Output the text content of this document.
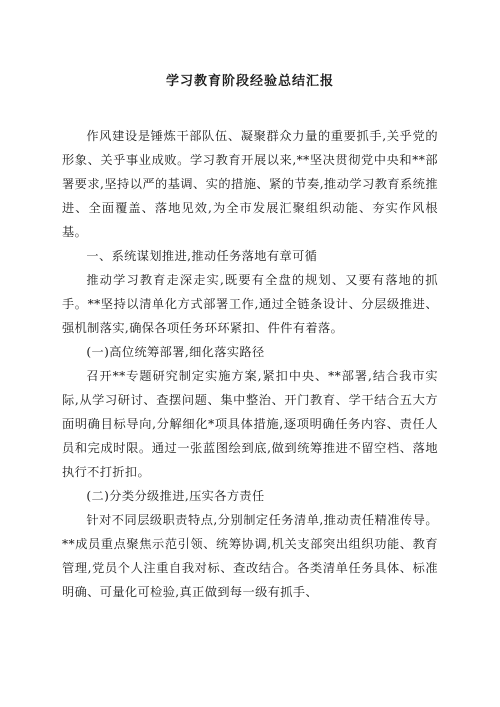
学习教育阶段经验总结汇报

作风建设是锤炼干部队伍、凝聚群众力量的重要抓手,关乎党的形象、关乎事业成败。学习教育开展以来,**坚决贯彻党中央和**部署要求,坚持以严的基调、实的措施、紧的节奏,推动学习教育系统推进、全面覆盖、落地见效,为全市发展汇聚组织动能、夯实作风根基。

一、系统谋划推进,推动任务落地有章可循

推动学习教育走深走实,既要有全盘的规划、又要有落地的抓手。**坚持以清单化方式部署工作,通过全链条设计、分层级推进、强机制落实,确保各项任务环环紧扣、件件有着落。

(一)高位统筹部署,细化落实路径

召开**专题研究制定实施方案,紧扣中央、**部署,结合我市实际,从学习研讨、查摆问题、集中整治、开门教育、学干结合五大方面明确目标导向,分解细化*项具体措施,逐项明确任务内容、责任人员和完成时限。通过一张蓝图绘到底,做到统筹推进不留空档、落地执行不打折扣。

(二)分类分级推进,压实各方责任

针对不同层级职责特点,分别制定任务清单,推动责任精准传导。**成员重点聚焦示范引领、统筹协调,机关支部突出组织功能、教育管理,党员个人注重自我对标、查改结合。各类清单任务具体、标准明确、可量化可检验,真正做到每一级有抓手、
